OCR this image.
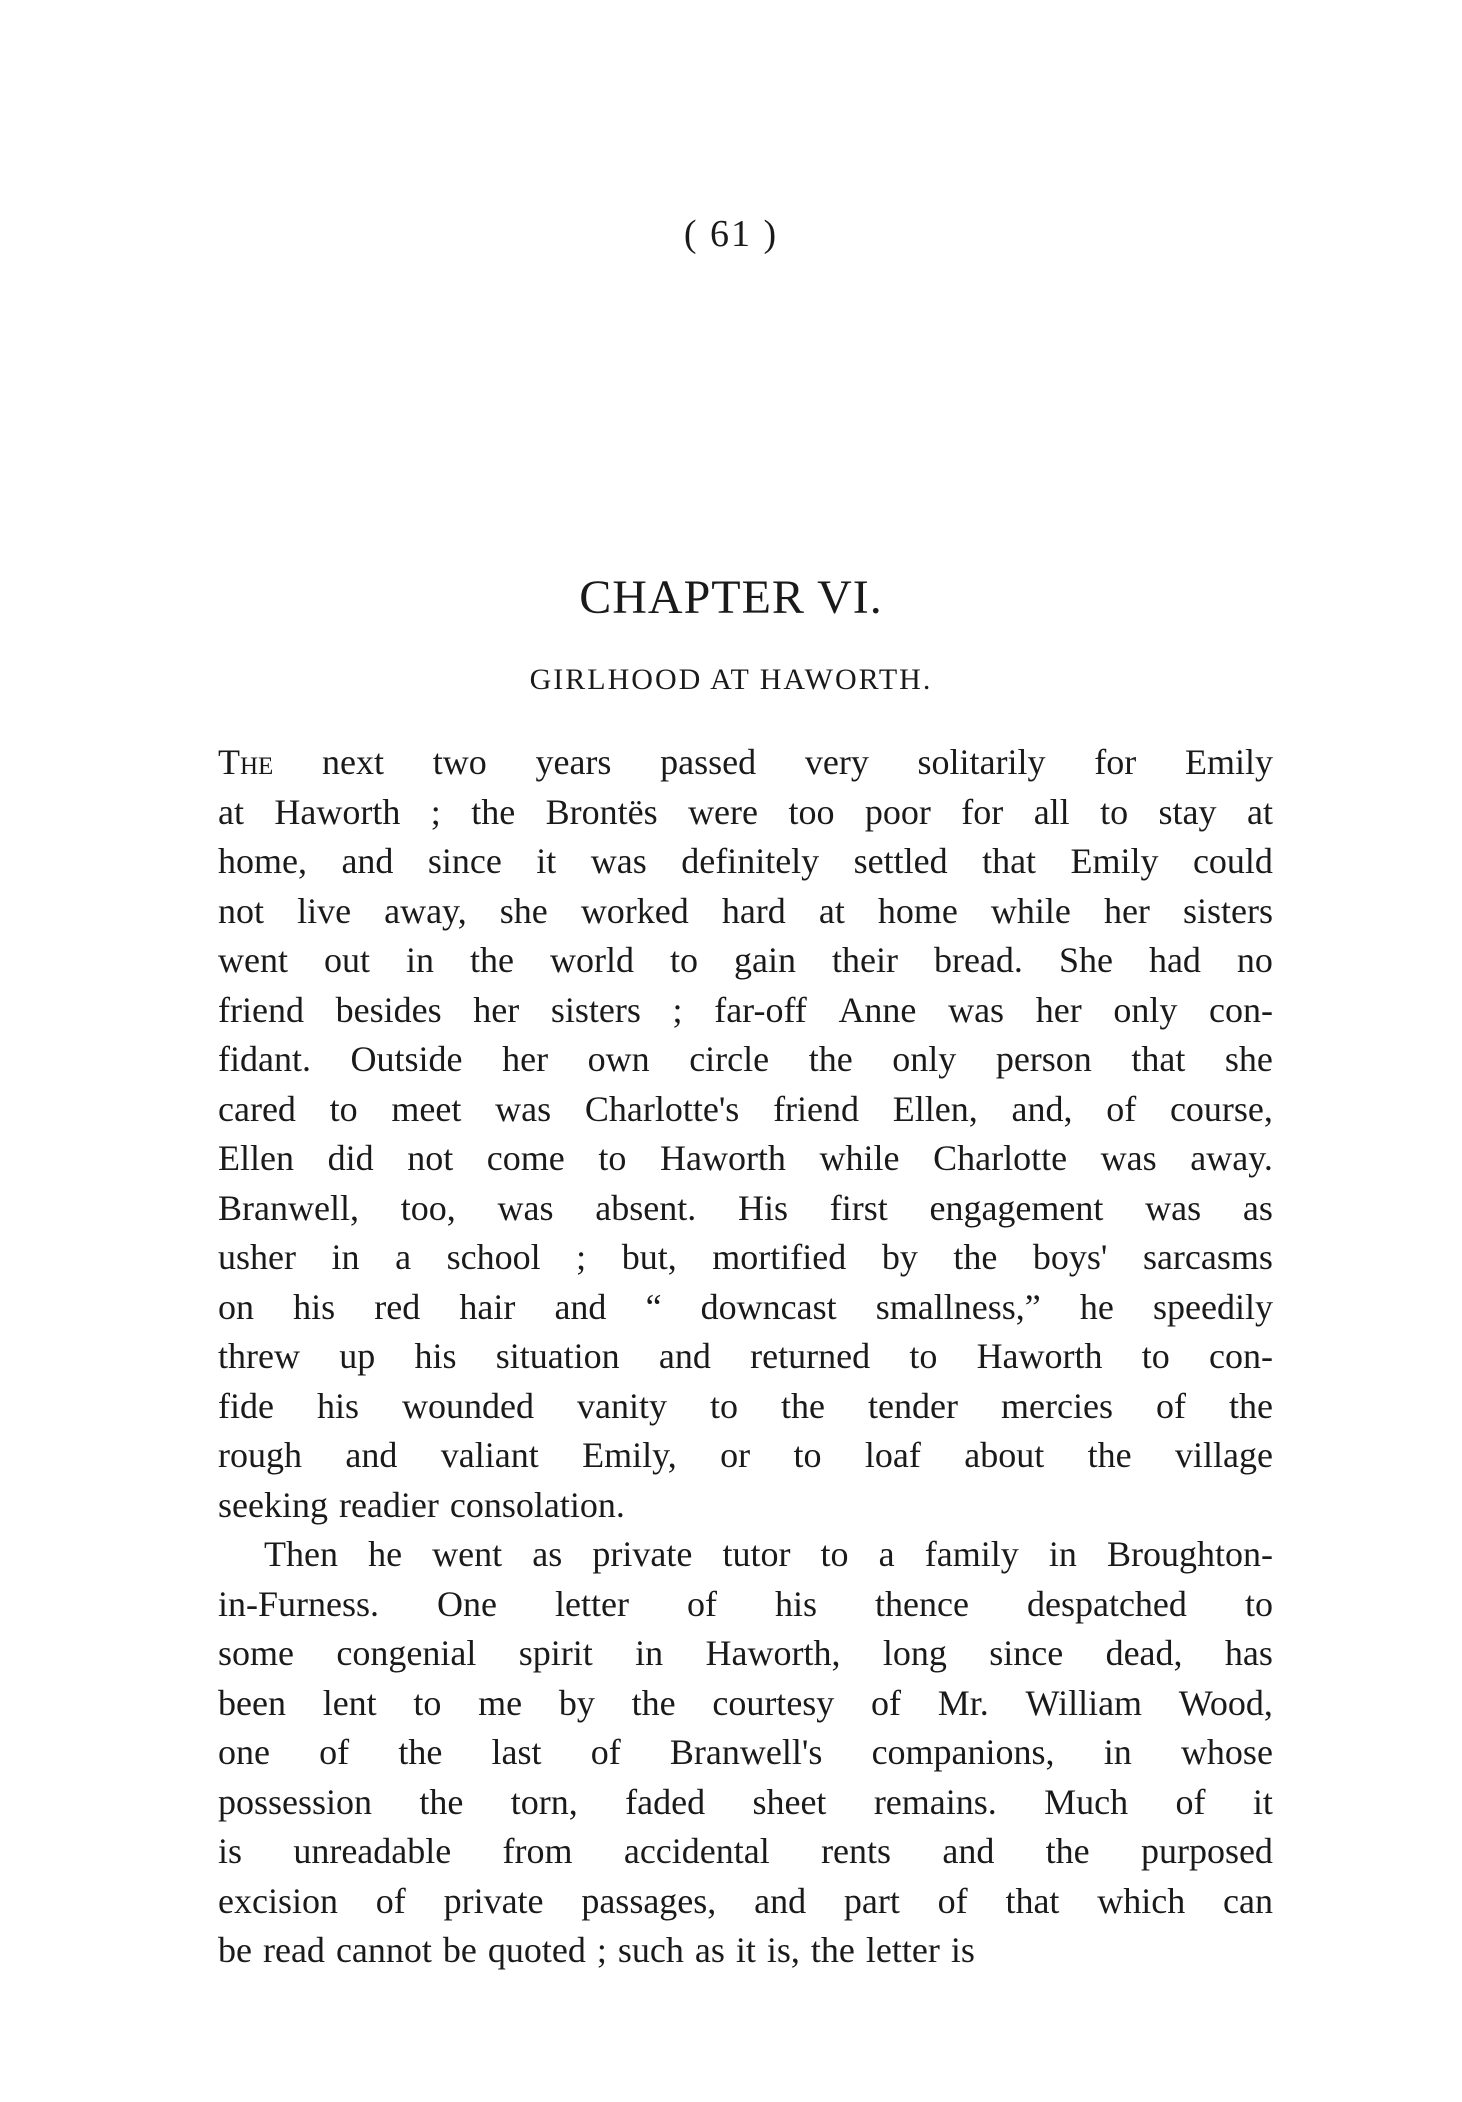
( 61 )
CHAPTER VI.
GIRLHOOD AT HAWORTH.
The next two years passed very solitarily for Emily
at Haworth ; the Brontës were too poor for all to stay at
home, and since it was definitely settled that Emily could
not live away, she worked hard at home while her sisters
went out in the world to gain their bread. She had no
friend besides her sisters ; far-off Anne was her only con-
fidant. Outside her own circle the only person that she
cared to meet was Charlotte's friend Ellen, and, of course,
Ellen did not come to Haworth while Charlotte was away.
Branwell, too, was absent. His first engagement was as
usher in a school ; but, mortified by the boys' sarcasms
on his red hair and “ downcast smallness,” he speedily
threw up his situation and returned to Haworth to con-
fide his wounded vanity to the tender mercies of the
rough and valiant Emily, or to loaf about the village
seeking readier consolation.
Then he went as private tutor to a family in Broughton-
in-Furness. One letter of his thence despatched to
some congenial spirit in Haworth, long since dead, has
been lent to me by the courtesy of Mr. William Wood,
one of the last of Branwell's companions, in whose
possession the torn, faded sheet remains. Much of it
is unreadable from accidental rents and the purposed
excision of private passages, and part of that which can
be read cannot be quoted ; such as it is, the letter is
